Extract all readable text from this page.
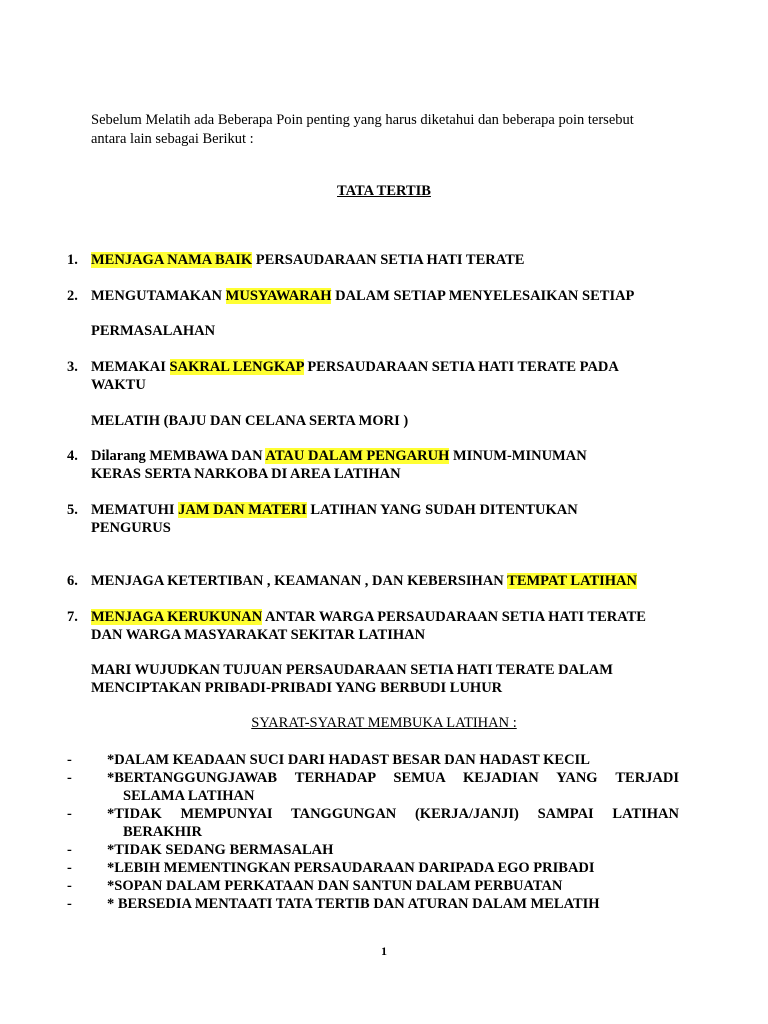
Sebelum Melatih ada Beberapa Poin penting yang harus diketahui dan beberapa poin tersebut
antara lain sebagai Berikut :
TATA TERTIB
1. MENJAGA NAMA BAIK PERSAUDARAAN SETIA HATI TERATE
2. MENGUTAMAKAN MUSYAWARAH DALAM SETIAP MENYELESAIKAN SETIAP
PERMASALAHAN
3. MEMAKAI SAKRAL LENGKAP PERSAUDARAAN SETIA HATI TERATE PADA
WAKTU
MELATIH (BAJU DAN CELANA SERTA MORI )
4. Dilarang MEMBAWA DAN ATAU DALAM PENGARUH MINUM-MINUMAN
KERAS SERTA NARKOBA DI AREA LATIHAN
5. MEMATUHI JAM DAN MATERI LATIHAN YANG SUDAH DITENTUKAN
PENGURUS
6. MENJAGA KETERTIBAN , KEAMANAN , DAN KEBERSIHAN TEMPAT LATIHAN
7. MENJAGA KERUKUNAN ANTAR WARGA PERSAUDARAAN SETIA HATI TERATE
DAN WARGA MASYARAKAT SEKITAR LATIHAN
MARI WUJUDKAN TUJUAN PERSAUDARAAN SETIA HATI TERATE DALAM
MENCIPTAKAN PRIBADI-PRIBADI YANG BERBUDI LUHUR
SYARAT-SYARAT MEMBUKA LATIHAN :
- *DALAM KEADAAN SUCI DARI HADAST BESAR DAN HADAST KECIL
- *BERTANGGUNGJAWAB TERHADAP SEMUA KEJADIAN YANG TERJADI
SELAMA LATIHAN
- *TIDAK MEMPUNYAI TANGGUNGAN (KERJA/JANJI) SAMPAI LATIHAN
BERAKHIR
- *TIDAK SEDANG BERMASALAH
- *LEBIH MEMENTINGKAN PERSAUDARAAN DARIPADA EGO PRIBADI
- *SOPAN DALAM PERKATAAN DAN SANTUN DALAM PERBUATAN
- * BERSEDIA MENTAATI TATA TERTIB DAN ATURAN DALAM MELATIH
1
